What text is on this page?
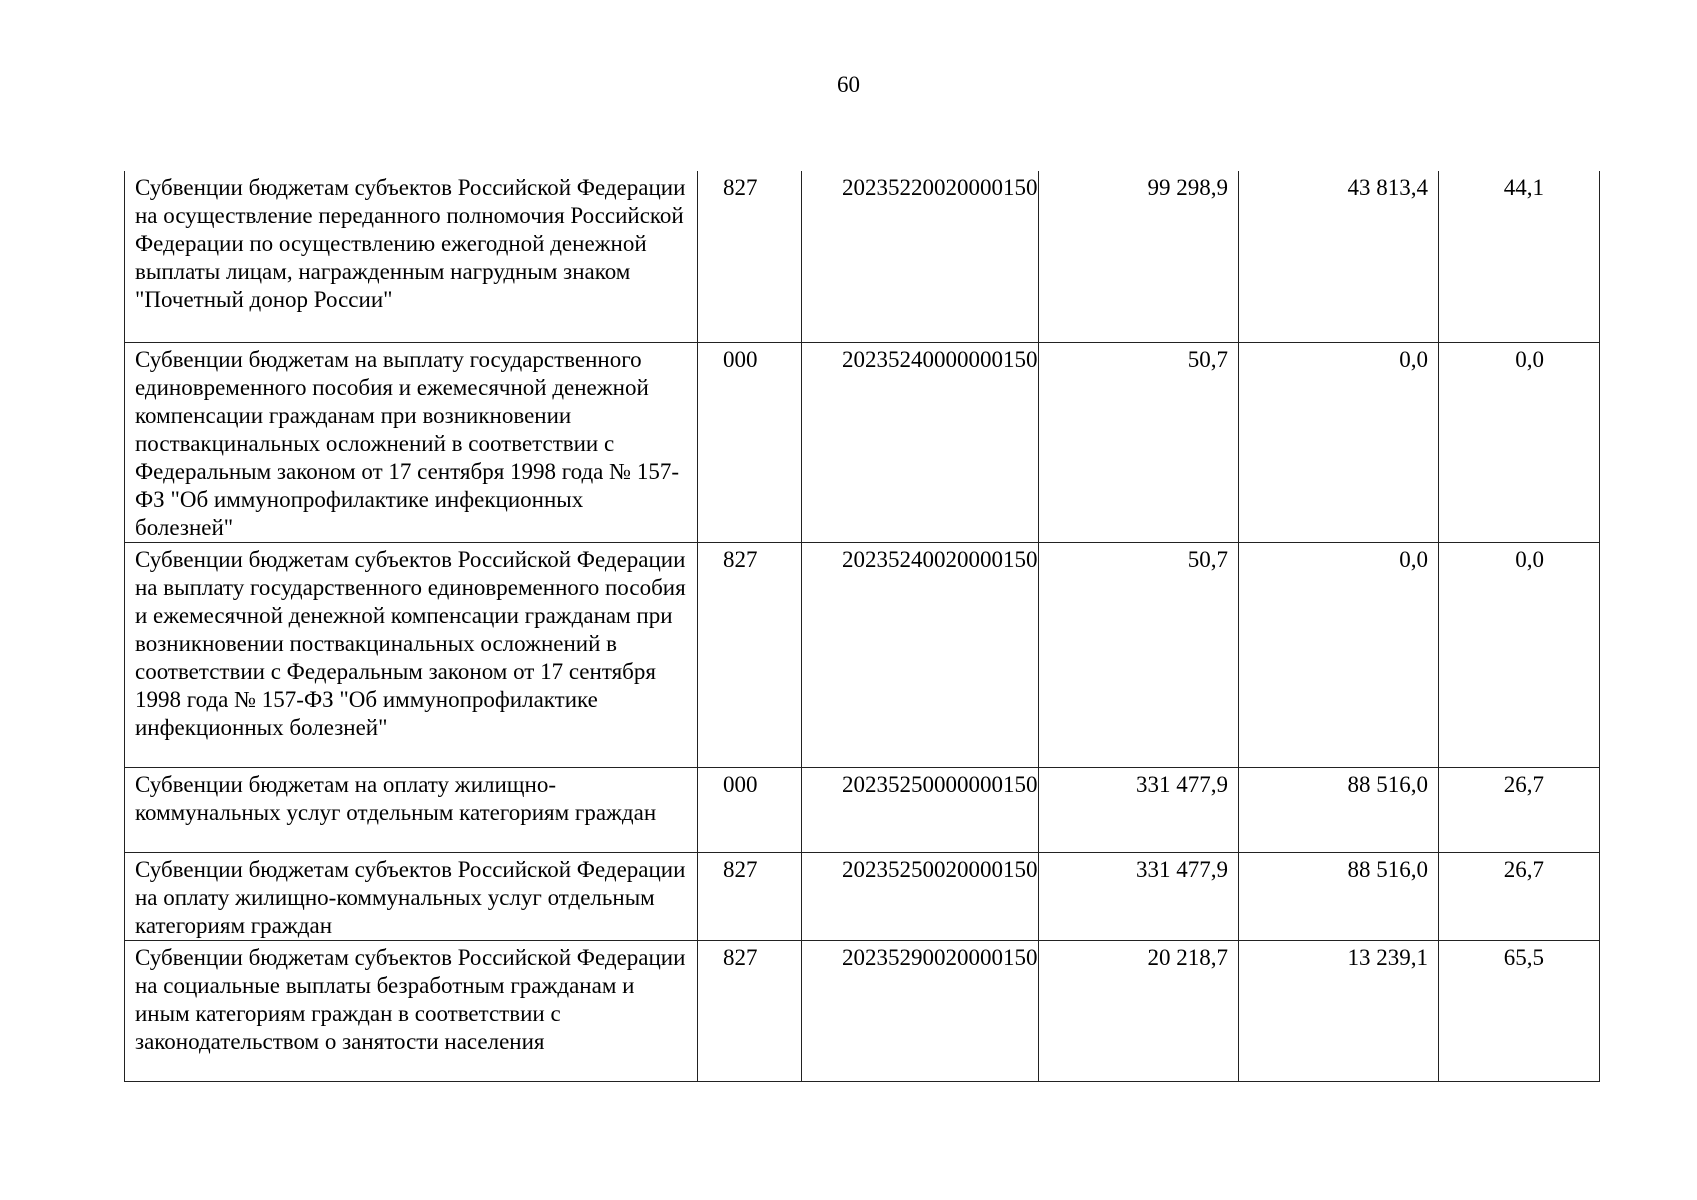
60
Субвенции бюджетам субъектов Российской Федерации на осуществление переданного полномочия Российской Федерации по осуществлению ежегодной денежной выплаты лицам, награжденным нагрудным знаком "Почетный донор России"	827	20235220020000150	99 298,9	43 813,4	44,1
Субвенции бюджетам на выплату государственного единовременного пособия и ежемесячной денежной компенсации гражданам при возникновении поствакцинальных осложнений в соответствии с Федеральным законом от 17 сентября 1998 года № 157-ФЗ "Об иммунопрофилактике инфекционных болезней"	000	20235240000000150	50,7	0,0	0,0
Субвенции бюджетам субъектов Российской Федерации на выплату государственного единовременного пособия и ежемесячной денежной компенсации гражданам при возникновении поствакцинальных осложнений в соответствии с Федеральным законом от 17 сентября 1998 года № 157-ФЗ "Об иммунопрофилактике инфекционных болезней"	827	20235240020000150	50,7	0,0	0,0
Субвенции бюджетам на оплату жилищно-коммунальных услуг отдельным категориям граждан	000	20235250000000150	331 477,9	88 516,0	26,7
Субвенции бюджетам субъектов Российской Федерации на оплату жилищно-коммунальных услуг отдельным категориям граждан	827	20235250020000150	331 477,9	88 516,0	26,7
Субвенции бюджетам субъектов Российской Федерации на социальные выплаты безработным гражданам и иным категориям граждан в соответствии с законодательством о занятости населения	827	20235290020000150	20 218,7	13 239,1	65,5
